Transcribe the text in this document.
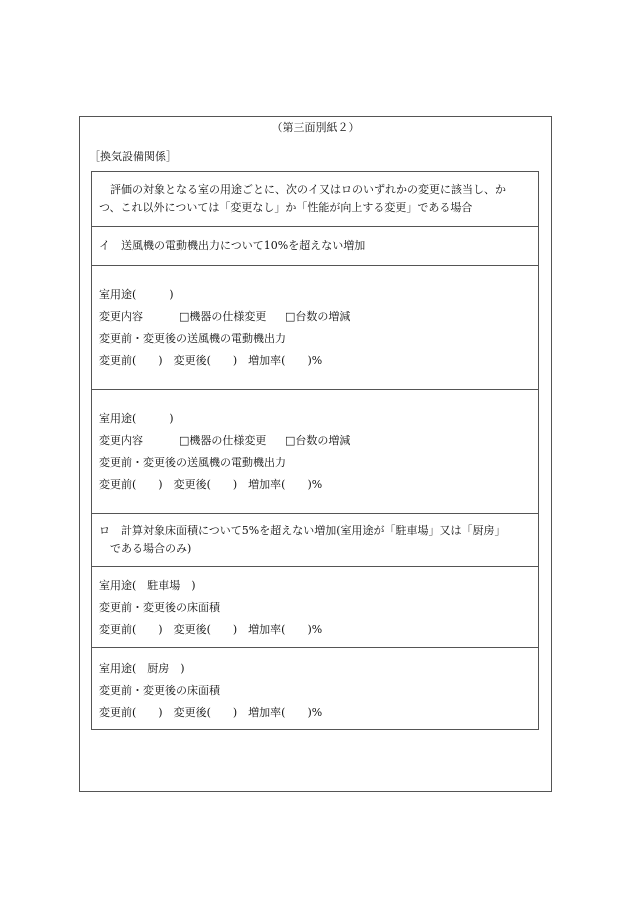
（第三面別紙２）
［換気設備関係］
　評価の対象となる室の用途ごとに、次のイ又はロのいずれかの変更に該当し、か
つ、これ以外については「変更なし」か「性能が向上する変更」である場合
イ　送風機の電動機出力について10%を超えない増加
室用途(　　　)
変更内容	□機器の仕様変更 □台数の増減
変更前・変更後の送風機の電動機出力
変更前(　　)　変更後(　　)　増加率(　　)%
室用途(　　　)
変更内容	□機器の仕様変更 □台数の増減
変更前・変更後の送風機の電動機出力
変更前(　　)　変更後(　　)　増加率(　　)%
ロ　計算対象床面積について5%を超えない増加(室用途が「駐車場」又は「厨房」
　である場合のみ)
室用途(　駐車場　)
変更前・変更後の床面積
変更前(　　)　変更後(　　)　増加率(　　)%
室用途(　厨房　)
変更前・変更後の床面積
変更前(　　)　変更後(　　)　増加率(　　)%
